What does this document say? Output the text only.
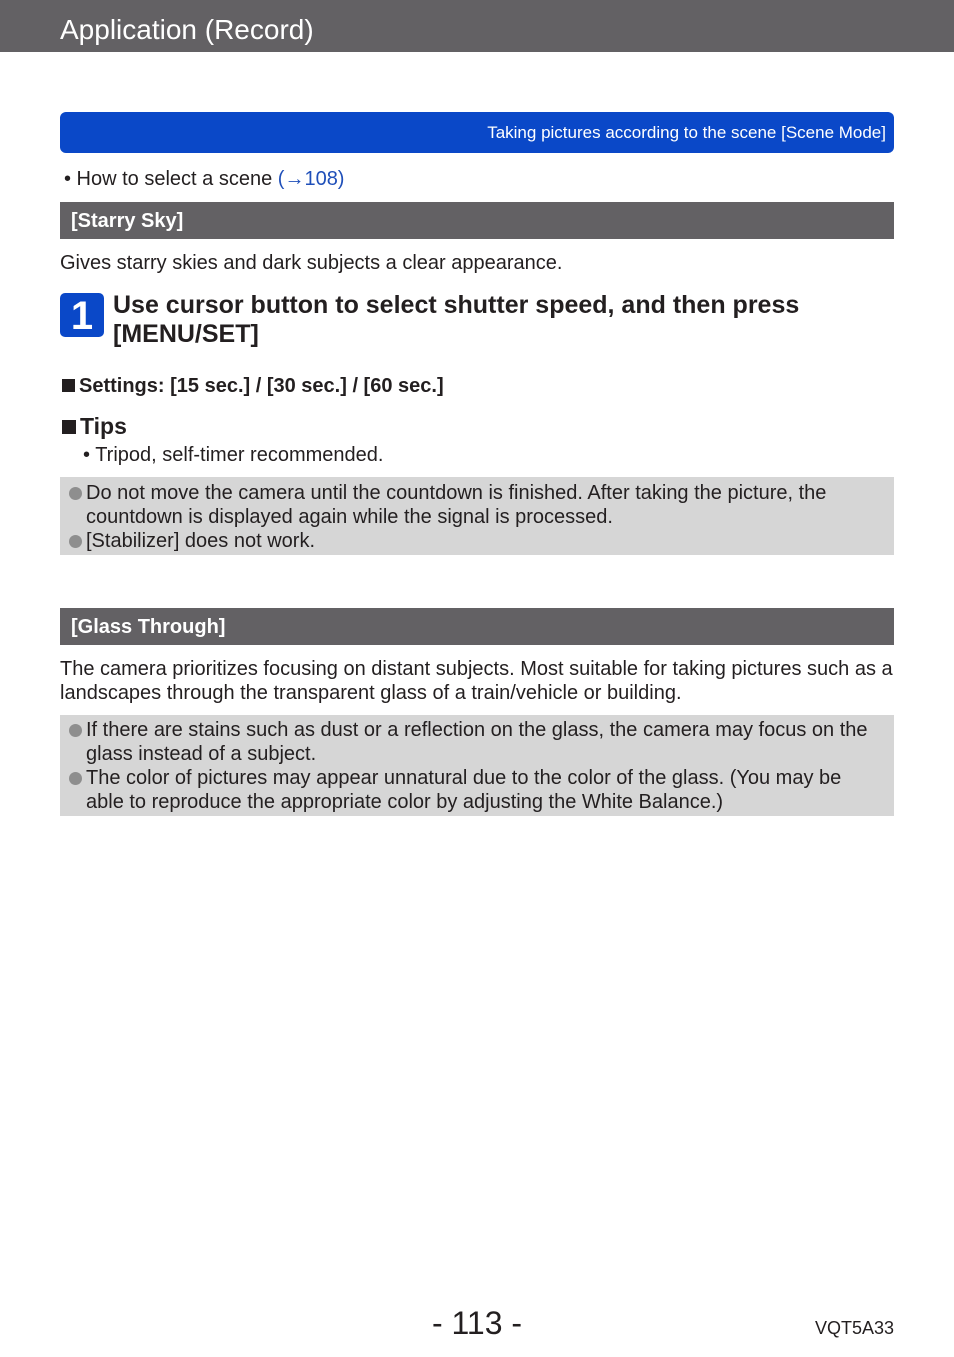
Application (Record)
Taking pictures according to the scene [Scene Mode]
• How to select a scene (→108)
[Starry Sky]
Gives starry skies and dark subjects a clear appearance.
1 Use cursor button to select shutter speed, and then press [MENU/SET]
Settings: [15 sec.] / [30 sec.] / [60 sec.]
Tips
• Tripod, self-timer recommended.
Do not move the camera until the countdown is finished. After taking the picture, the countdown is displayed again while the signal is processed.
[Stabilizer] does not work.
[Glass Through]
The camera prioritizes focusing on distant subjects. Most suitable for taking pictures such as a landscapes through the transparent glass of a train/vehicle or building.
If there are stains such as dust or a reflection on the glass, the camera may focus on the glass instead of a subject.
The color of pictures may appear unnatural due to the color of the glass. (You may be able to reproduce the appropriate color by adjusting the White Balance.)
- 113 -	VQT5A33
